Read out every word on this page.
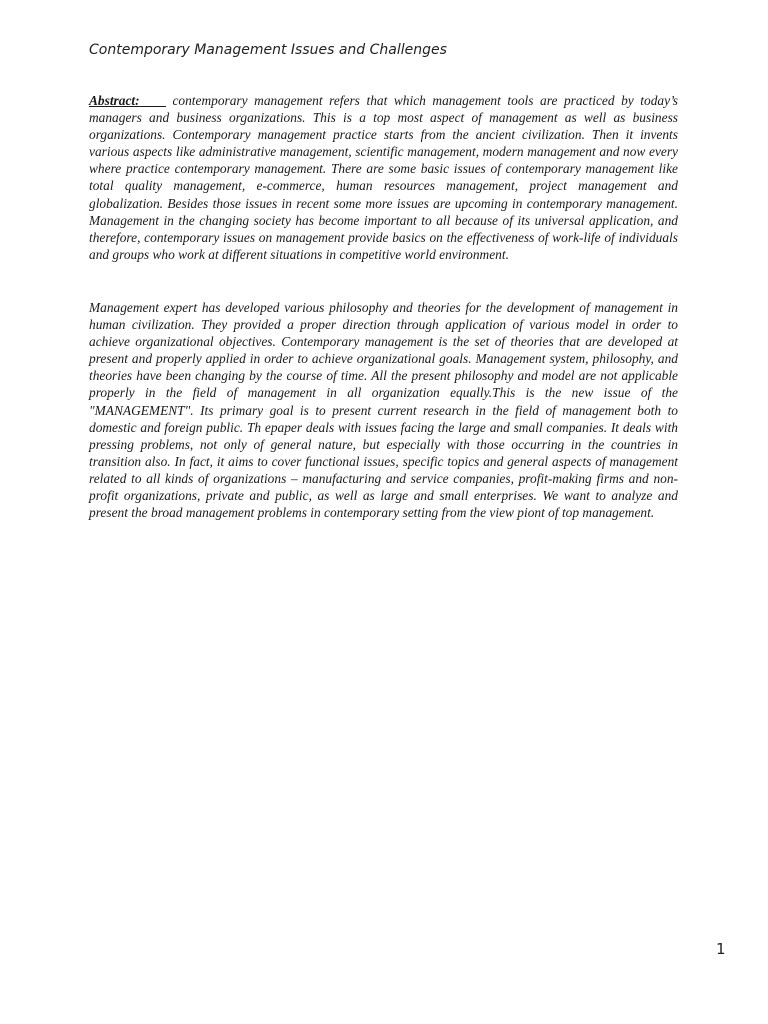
Contemporary Management Issues and Challenges

Abstract: contemporary management refers that which management tools are practiced by today’s managers and business organizations. This is a top most aspect of management as well as business organizations. Contemporary management practice starts from the ancient civilization. Then it invents various aspects like administrative management, scientific management, modern management and now every where practice contemporary management. There are some basic issues of contemporary management like total quality management, e-commerce, human resources management, project management and globalization. Besides those issues in recent some more issues are upcoming in contemporary management. Management in the changing society has become important to all because of its universal application, and therefore, contemporary issues on management provide basics on the effectiveness of work-life of individuals and groups who work at different situations in competitive world environment.

Management expert has developed various philosophy and theories for the development of management in human civilization. They provided a proper direction through application of various model in order to achieve organizational objectives. Contemporary management is the set of theories that are developed at present and properly applied in order to achieve organizational goals. Management system, philosophy, and theories have been changing by the course of time. All the present philosophy and model are not applicable properly in the field of management in all organization equally.This is the new issue of the "MANAGEMENT". Its primary goal is to present current research in the field of management both to domestic and foreign public. Th epaper deals with issues facing the large and small companies. It deals with pressing problems, not only of general nature, but especially with those occurring in the countries in transition also. In fact, it aims to cover functional issues, specific topics and general aspects of management related to all kinds of organizations – manufacturing and service companies, profit-making firms and non-profit organizations, private and public, as well as large and small enterprises. We want to analyze and present the broad management problems in contemporary setting from the view piont of top management.

1
